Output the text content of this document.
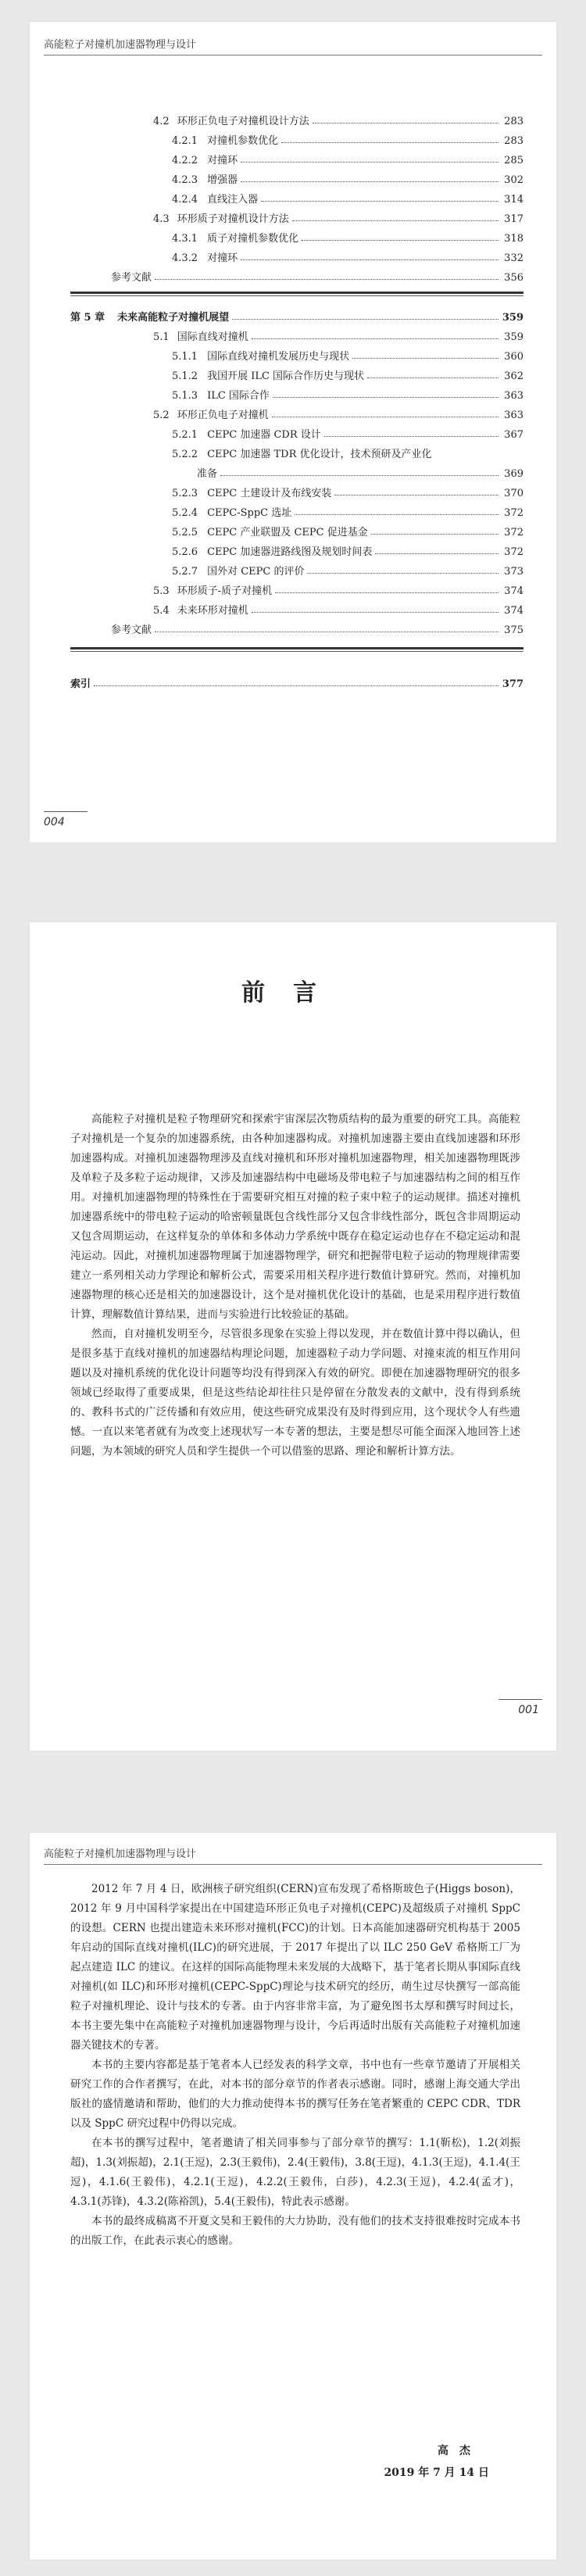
高能粒子对撞机加速器物理与设计
4.2 环形正负电子对撞机设计方法	283
4.2.1 对撞机参数优化	283
4.2.2 对撞环	285
4.2.3 增强器	302
4.2.4 直线注入器	314
4.3 环形质子对撞机设计方法	317
4.3.1 质子对撞机参数优化	318
4.3.2 对撞环	332
参考文献	356
第 5 章 未来高能粒子对撞机展望	359
5.1 国际直线对撞机	359
5.1.1 国际直线对撞机发展历史与现状	360
5.1.2 我国开展 ILC 国际合作历史与现状	362
5.1.3 ILC 国际合作	363
5.2 环形正负电子对撞机	363
5.2.1 CEPC 加速器 CDR 设计	367
5.2.2 CEPC 加速器 TDR 优化设计，技术预研及产业化
准备	369
5.2.3 CEPC 土建设计及布线安装	370
5.2.4 CEPC-SppC 选址	372
5.2.5 CEPC 产业联盟及 CEPC 促进基金	372
5.2.6 CEPC 加速器进路线图及规划时间表	372
5.2.7 国外对 CEPC 的评价	373
5.3 环形质子-质子对撞机	374
5.4 未来环形对撞机	374
参考文献	375
索引	377
004
前言

高能粒子对撞机是粒子物理研究和探索宇宙深层次物质结构的最为重要的研究工具。高能粒子对撞机是一个复杂的加速器系统，由各种加速器构成。对撞机加速器主要由直线加速器和环形加速器构成。对撞机加速器物理涉及直线对撞机和环形对撞机加速器物理，相关加速器物理既涉及单粒子及多粒子运动规律，又涉及加速器结构中电磁场及带电粒子与加速器结构之间的相互作用。对撞机加速器物理的特殊性在于需要研究相互对撞的粒子束中粒子的运动规律。描述对撞机加速器系统中的带电粒子运动的哈密顿量既包含线性部分又包含非线性部分，既包含非周期运动又包含周期运动，在这样复杂的单体和多体动力学系统中既存在稳定运动也存在不稳定运动和混沌运动。因此，对撞机加速器物理属于加速器物理学，研究和把握带电粒子运动的物理规律需要建立一系列相关动力学理论和解析公式，需要采用相关程序进行数值计算研究。然而，对撞机加速器物理的核心还是相关的加速器设计，这个是对撞机优化设计的基础，也是采用程序进行数值计算，理解数值计算结果，进而与实验进行比较验证的基础。

然而，自对撞机发明至今，尽管很多现象在实验上得以发现，并在数值计算中得以确认，但是很多基于直线对撞机的加速器结构理论问题，加速器粒子动力学问题、对撞束流的相互作用问题以及对撞机系统的优化设计问题等均没有得到深入有效的研究。即便在加速器物理研究的很多领域已经取得了重要成果，但是这些结论却往往只是停留在分散发表的文献中，没有得到系统的、教科书式的广泛传播和有效应用，使这些研究成果没有及时得到应用，这个现状令人有些遗憾。一直以来笔者就有为改变上述现状写一本专著的想法，主要是想尽可能全面深入地回答上述问题，为本领域的研究人员和学生提供一个可以借鉴的思路、理论和解析计算方法。

001
高能粒子对撞机加速器物理与设计

2012 年 7 月 4 日，欧洲核子研究组织(CERN)宣布发现了希格斯玻色子(Higgs boson)，2012 年 9 月中国科学家提出在中国建造环形正负电子对撞机(CEPC)及超级质子对撞机 SppC 的设想。CERN 也提出建造未来环形对撞机(FCC)的计划。日本高能加速器研究机构基于 2005 年启动的国际直线对撞机(ILC)的研究进展，于 2017 年提出了以 ILC 250 GeV 希格斯工厂为起点建造 ILC 的建议。在这样的国际高能物理未来发展的大战略下，基于笔者长期从事国际直线对撞机(如 ILC)和环形对撞机(CEPC-SppC)理论与技术研究的经历，萌生过尽快撰写一部高能粒子对撞机理论、设计与技术的专著。由于内容非常丰富，为了避免图书太厚和撰写时间过长，本书主要先集中在高能粒子对撞机加速器物理与设计，今后再适时出版有关高能粒子对撞机加速器关键技术的专著。

本书的主要内容都是基于笔者本人已经发表的科学文章，书中也有一些章节邀请了开展相关研究工作的合作者撰写，在此，对本书的部分章节的作者表示感谢。同时，感谢上海交通大学出版社的盛情邀请和帮助，他们的大力推动使得本书的撰写任务在笔者繁重的 CEPC CDR、TDR 以及 SppC 研究过程中仍得以完成。

在本书的撰写过程中，笔者邀请了相关同事参与了部分章节的撰写：1.1(靳松)，1.2(刘振超)，1.3(刘振超)，2.1(王逗)，2.3(王毅伟)，2.4(王毅伟)，3.8(王逗)，4.1.3(王逗)，4.1.4(王逗)，4.1.6(王毅伟)，4.2.1(王逗)，4.2.2(王毅伟，白莎)，4.2.3(王逗)，4.2.4(孟才)，4.3.1(苏锋)，4.3.2(陈裕凯)，5.4(王毅伟)，特此表示感谢。

本书的最终成稿离不开夏文昊和王毅伟的大力协助，没有他们的技术支持很难按时完成本书的出版工作，在此表示衷心的感谢。

高杰
2019 年 7 月 14 日
